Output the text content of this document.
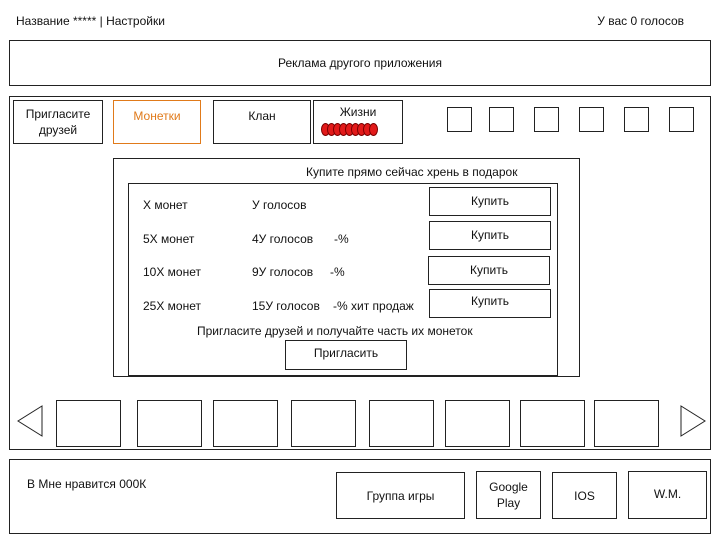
Название ***** | Настройки	У вас 0 голосов
Реклама другого приложения
Пригласите друзей
Монетки	Клан	Жизни
Купите прямо сейчас хрень в подарок
X монет	У голосов	Купить
5X монет	4У голосов -%	Купить
10X монет	9У голосов -%	Купить
25X монет	15У голосов -% хит продаж	Купить
Пригласите друзей и получайте часть их монеток
Пригласить
В Мне нравится 000К
Группа игры
Google Play
IOS	W.M.
